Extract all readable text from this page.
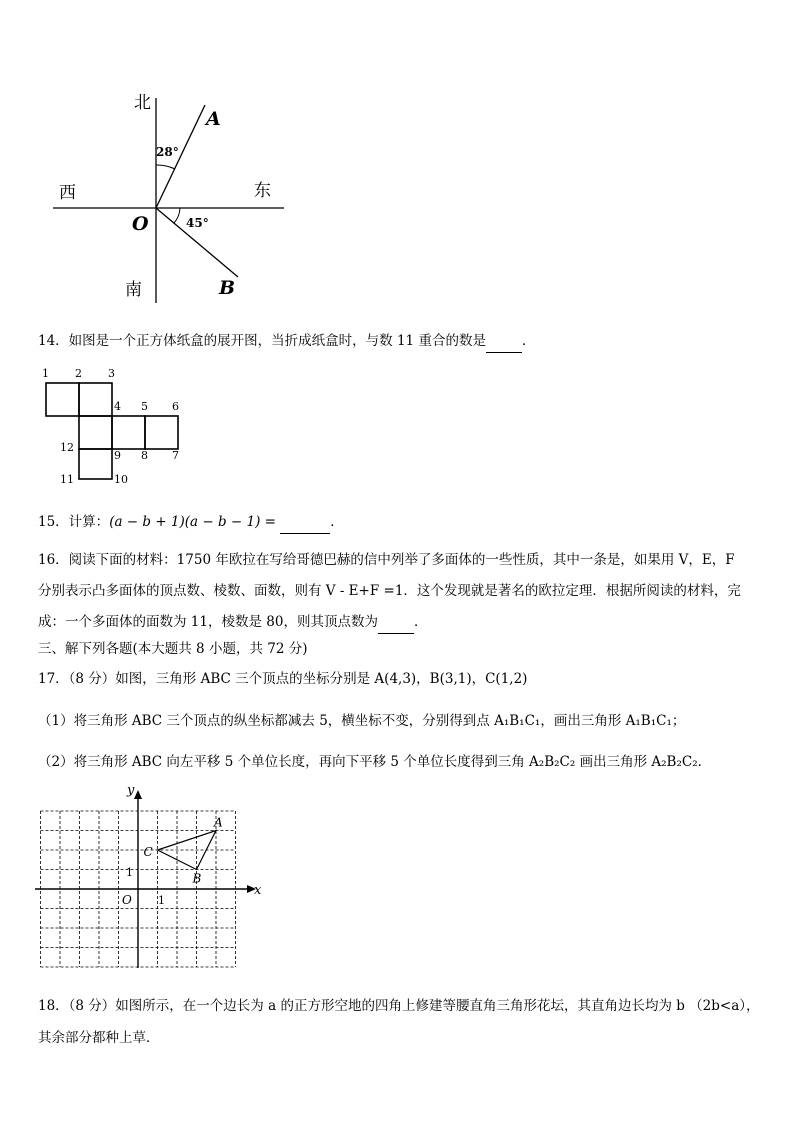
北
南
西	东
A
B
O
28°
45°
14．如图是一个正方体纸盒的展开图，当折成纸盒时，与数 11 重合的数是	．
1 2 3
4 5 6
12
9 8 7
11	10
15．计算：(a − b + 1)(a − b − 1) =	．
16．阅读下面的材料：1750 年欧拉在写给哥德巴赫的信中列举了多面体的一些性质，其中一条是，如果用 V，E，F
分别表示凸多面体的顶点数、棱数、面数，则有 V - E+F =1．这个发现就是著名的欧拉定理．根据所阅读的材料，完
成：一个多面体的面数为 11，棱数是 80，则其顶点数为	．
三、解下列各题(本大题共 8 小题，共 72 分)
17．（8 分）如图，三角形 ABC 三个顶点的坐标分别是 A(4,3)，B(3,1)，C(1,2)
（1）将三角形 ABC 三个顶点的纵坐标都减去 5，横坐标不变，分别得到点 A₁B₁C₁，画出三角形 A₁B₁C₁；
（2）将三角形 ABC 向左平移 5 个单位长度，再向下平移 5 个单位长度得到三角 A₂B₂C₂ 画出三角形 A₂B₂C₂．
x
y
O 1
1
A
B
C
18．（8 分）如图所示，在一个边长为 a 的正方形空地的四角上修建等腰直角三角形花坛，其直角边长均为 b （2b<a），
其余部分都种上草．
